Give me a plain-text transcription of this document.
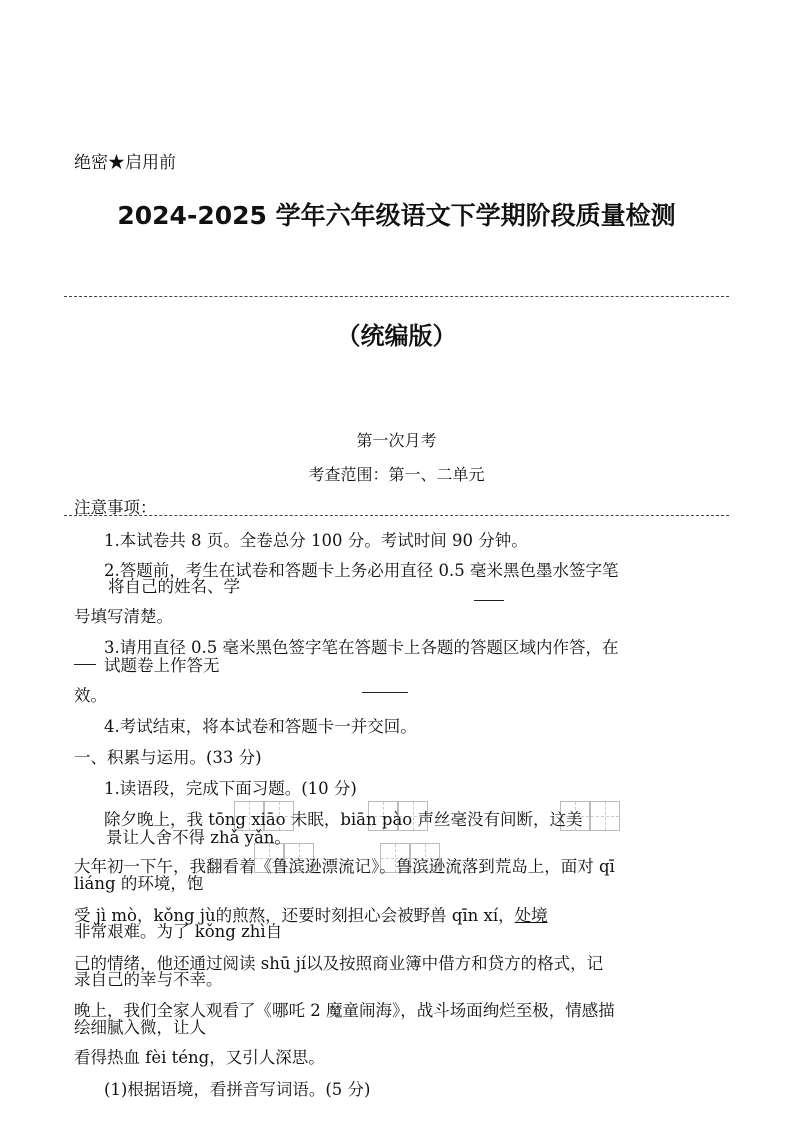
绝密★启用前
2024-2025 学年六年级语文下学期阶段质量检测
（统编版）
第一次月考
考查范围：第一、二单元
注意事项：
1.本试卷共 8 页。全卷总分 100 分。考试时间 90 分钟。
2.答题前，考生在试卷和答题卡上务必用直径 0.5 毫米黑色墨水签字笔
将自己的姓名、学
号填写清楚。
3.请用直径 0.5 毫米黑色签字笔在答题卡上各题的答题区域内作答，在
试题卷上作答无
效。
4.考试结束，将本试卷和答题卡一并交回。
一、积累与运用。(33 分)
1.读语段，完成下面习题。(10 分)
除夕晚上，我 tōng xiāo 未眠，biān pào 声丝毫没有间断，这美
景让人舍不得 zhǎ yǎn。
大年初一下午，我翻看着《鲁滨逊漂流记》。鲁滨逊流落到荒岛上，面对 qī
liáng 的环境，饱
受 jì mò，kǒng jù的煎熬，还要时刻担心会被野兽 qīn xí，处境
非常艰难。为了 kǒng zhì自
己的情绪，他还通过阅读 shū jí以及按照商业簿中借方和贷方的格式，记
录自己的幸与不幸。
晚上，我们全家人观看了《哪吒 2 魔童闹海》，战斗场面绚烂至极，情感描
绘细腻入微，让人
看得热血 fèi téng，又引人深思。
(1)根据语境，看拼音写词语。(5 分)
